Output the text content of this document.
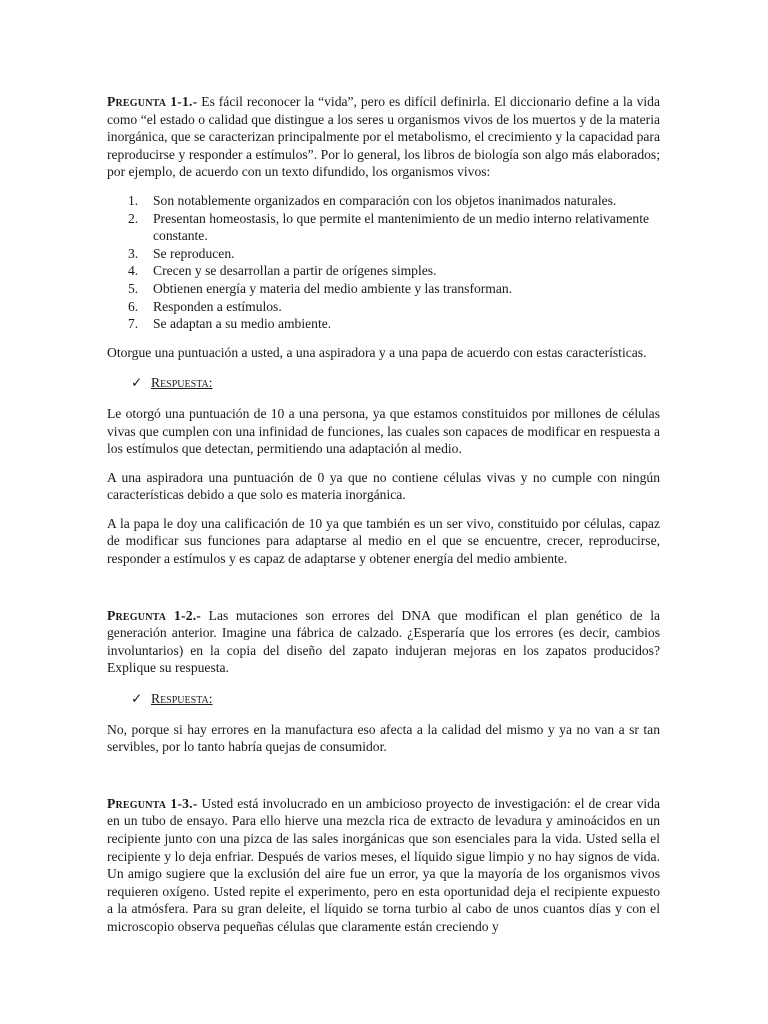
Pregunta 1-1.- Es fácil reconocer la “vida”, pero es difícil definirla. El diccionario define a la vida como “el estado o calidad que distingue a los seres u organismos vivos de los muertos y de la materia inorgánica, que se caracterizan principalmente por el metabolismo, el crecimiento y la capacidad para reproducirse y responder a estímulos”. Por lo general, los libros de biología son algo más elaborados; por ejemplo, de acuerdo con un texto difundido, los organismos vivos:

1.	Son notablemente organizados en comparación con los objetos inanimados naturales.
2.	Presentan homeostasis, lo que permite el mantenimiento de un medio interno relativamente constante.
3.	Se reproducen.
4.	Crecen y se desarrollan a partir de orígenes simples.
5.	Obtienen energía y materia del medio ambiente y las transforman.
6.	Responden a estímulos.
7.	Se adaptan a su medio ambiente.

Otorgue una puntuación a usted, a una aspiradora y a una papa de acuerdo con estas características.

✓ Respuesta:

Le otorgó una puntuación de 10 a una persona, ya que estamos constituidos por millones de células vivas que cumplen con una infinidad de funciones, las cuales son capaces de modificar en respuesta a los estímulos que detectan, permitiendo una adaptación al medio.

A una aspiradora una puntuación de 0 ya que no contiene células vivas y no cumple con ningún características debido a que solo es materia inorgánica.

A la papa le doy una calificación de 10 ya que también es un ser vivo, constituido por células, capaz de modificar sus funciones para adaptarse al medio en el que se encuentre, crecer, reproducirse, responder a estímulos y es capaz de adaptarse y obtener energía del medio ambiente.

Pregunta 1-2.- Las mutaciones son errores del DNA que modifican el plan genético de la generación anterior. Imagine una fábrica de calzado. ¿Esperaría que los errores (es decir, cambios involuntarios) en la copia del diseño del zapato indujeran mejoras en los zapatos producidos? Explique su respuesta.

✓ Respuesta:

No, porque si hay errores en la manufactura eso afecta a la calidad del mismo y ya no van a sr tan servibles, por lo tanto habría quejas de consumidor.

Pregunta 1-3.- Usted está involucrado en un ambicioso proyecto de investigación: el de crear vida en un tubo de ensayo. Para ello hierve una mezcla rica de extracto de levadura y aminoácidos en un recipiente junto con una pizca de las sales inorgánicas que son esenciales para la vida. Usted sella el recipiente y lo deja enfriar. Después de varios meses, el líquido sigue limpio y no hay signos de vida. Un amigo sugiere que la exclusión del aire fue un error, ya que la mayoría de los organismos vivos requieren oxígeno. Usted repite el experimento, pero en esta oportunidad deja el recipiente expuesto a la atmósfera. Para su gran deleite, el líquido se torna turbio al cabo de unos cuantos días y con el microscopio observa pequeñas células que claramente están creciendo y
